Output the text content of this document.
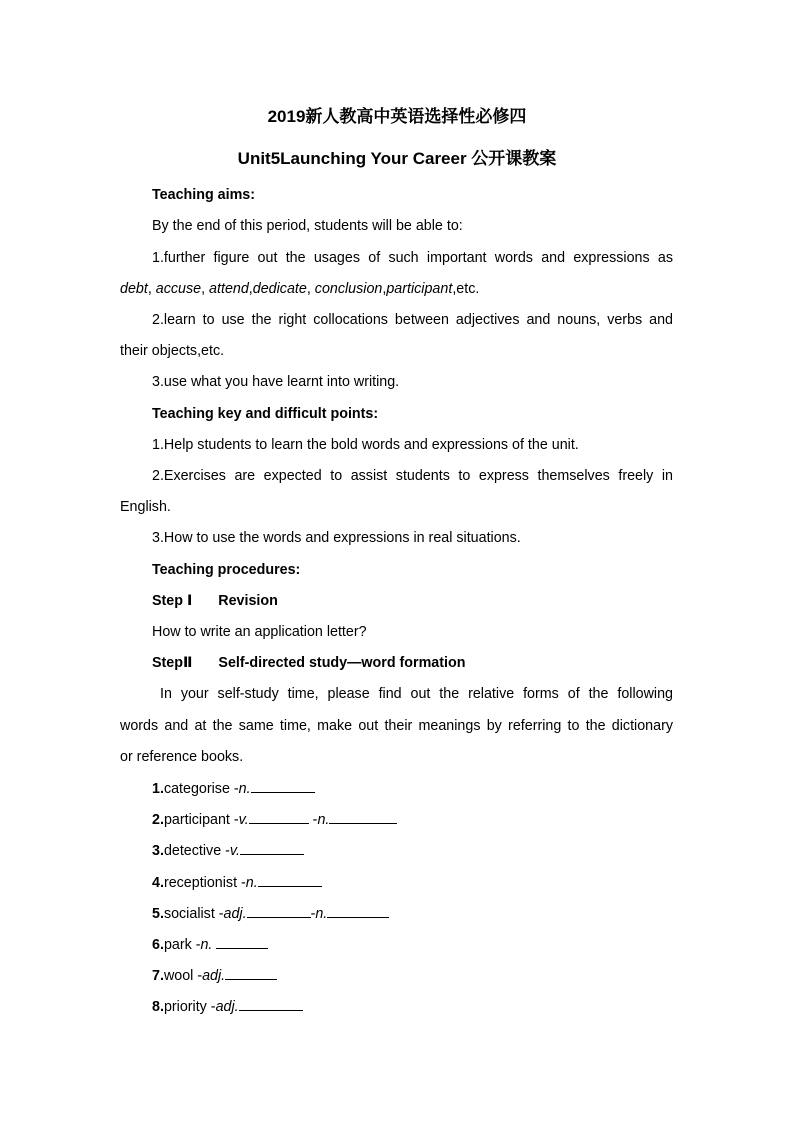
2019新人教高中英语选择性必修四
Unit5Launching Your Career 公开课教案
Teaching aims:
By the end of this period, students will be able to:
1.further figure out the usages of such important words and expressions as
debt, accuse, attend,dedicate, conclusion,participant,etc.
2.learn to use the right collocations between adjectives and nouns, verbs and
their objects,etc.
3.use what you have learnt into writing.
Teaching key and difficult points:
1.Help students to learn the bold words and expressions of the unit.
2.Exercises are expected to assist students to express themselves freely in
English.
3.How to use the words and expressions in real situations.
Teaching procedures:
Step Ⅰ Revision
How to write an application letter?
StepⅡ Self-directed study—word formation
In your self-study time, please find out the relative forms of the following
words and at the same time, make out their meanings by referring to the dictionary
or reference books.
1.categorise -n.
2.participant -v.	-n.
3.detective -v.
4.receptionist -n.
5.socialist -adj.	-n.
6.park -n.
7.wool -adj.
8.priority -adj.
